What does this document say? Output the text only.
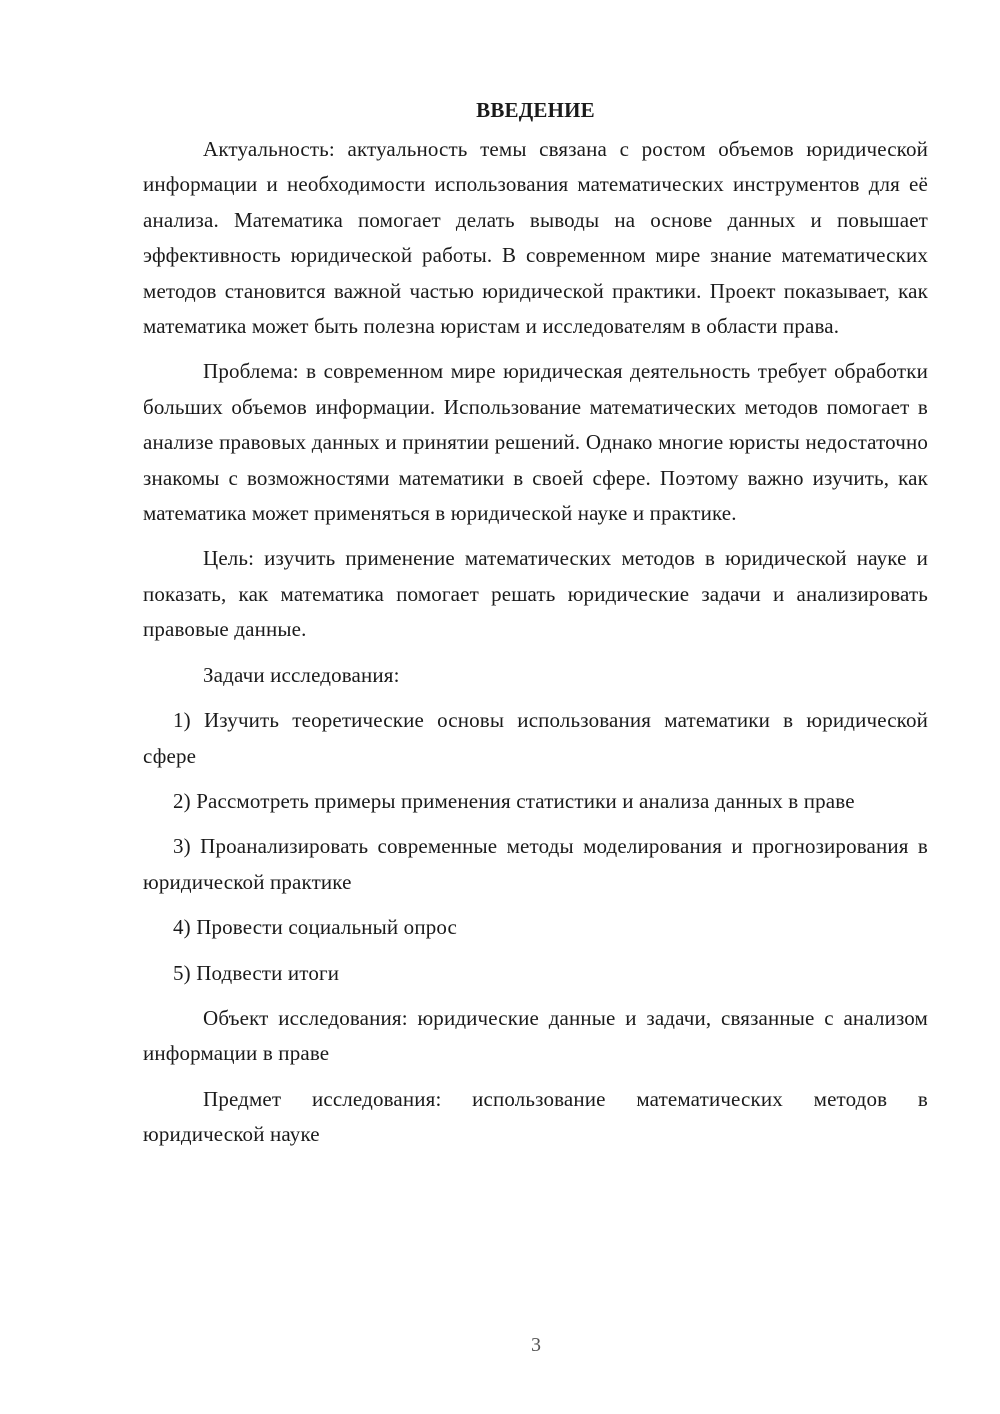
ВВЕДЕНИЕ

Актуальность: актуальность темы связана с ростом объемов юридической информации и необходимости использования математических инструментов для её анализа. Математика помогает делать выводы на основе данных и повышает эффективность юридической работы. В современном мире знание математических методов становится важной частью юридической практики. Проект показывает, как математика может быть полезна юристам и исследователям в области права.

Проблема: в современном мире юридическая деятельность требует обработки больших объемов информации. Использование математических методов помогает в анализе правовых данных и принятии решений. Однако многие юристы недостаточно знакомы с возможностями математики в своей сфере. Поэтому важно изучить, как математика может применяться в юридической науке и практике.

Цель: изучить применение математических методов в юридической науке и показать, как математика помогает решать юридические задачи и анализировать правовые данные.

Задачи исследования:

1) Изучить теоретические основы использования математики в юридической сфере

2) Рассмотреть примеры применения статистики и анализа данных в праве

3) Проанализировать современные методы моделирования и прогнозирования в юридической практике

4) Провести социальный опрос

5) Подвести итоги

Объект исследования: юридические данные и задачи, связанные с анализом информации в праве

Предмет исследования: использование математических методов в юридической науке

3
